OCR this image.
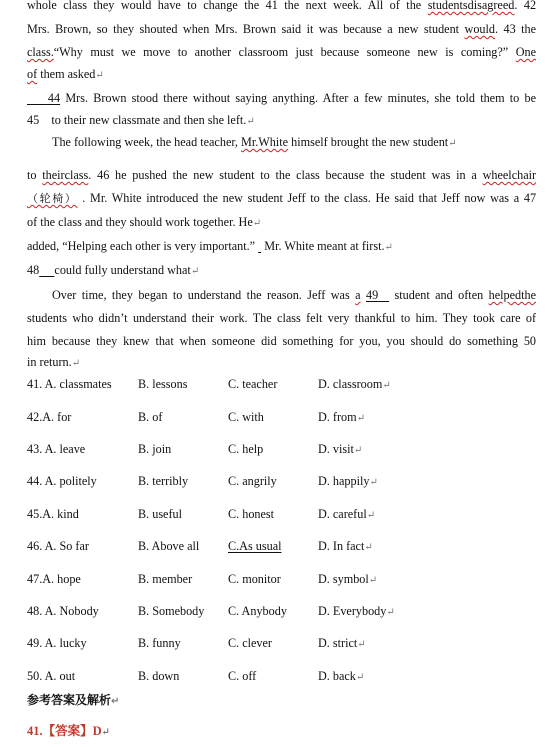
whole class they would have to change the 41 the next week. All of the studentsdisagreed. 42
Mrs. Brown, so they shouted when Mrs. Brown said it was because a new student would. 43 the
class.“Why must we move to another classroom just because someone new is coming?” One
of them asked↵
44 Mrs. Brown stood there without saying anything. After a few minutes, she told them to be
45 to their new classmate and then she left.↵
The following week, the head teacher, Mr.White himself brought the new student↵
to theirclass. 46 he pushed the new student to the class because the student was in a wheelchair
（轮椅） . Mr. White introduced the new student Jeff to the class. He said that Jeff now was a 47
of the class and they should work together. He↵
added, “Helping each other is very important.” Mr. White meant at first.↵
48 could fully understand what↵
Over time, they began to understand the reason. Jeff was a 49 student and often helpedthe
students who didn’t understand their work. The class felt very thankful to him. They took care of
him because they knew that when someone did something for you, you should do something 50
in return.↵
41. A. classmates B. lessons	C. teacher	D. classroom↵
42.A. for	B. of	C. with	D. from↵
43. A. leave	B. join	C. help	D. visit↵
44. A. politely	B. terribly	C. angrily	D. happily↵
45.A. kind	B. useful	C. honest	D. careful↵
46. A. So far	B. Above all C.As usual	D. In fact↵
47.A. hope	B. member	C. monitor	D. symbol↵
48. A. Nobody	B. Somebody C. Anybody	D. Everybody↵
49. A. lucky	B. funny	C. clever	D. strict↵
50. A. out	B. down	C. off	D. back↵
参考答案及解析↵
41.【答案】D↵
